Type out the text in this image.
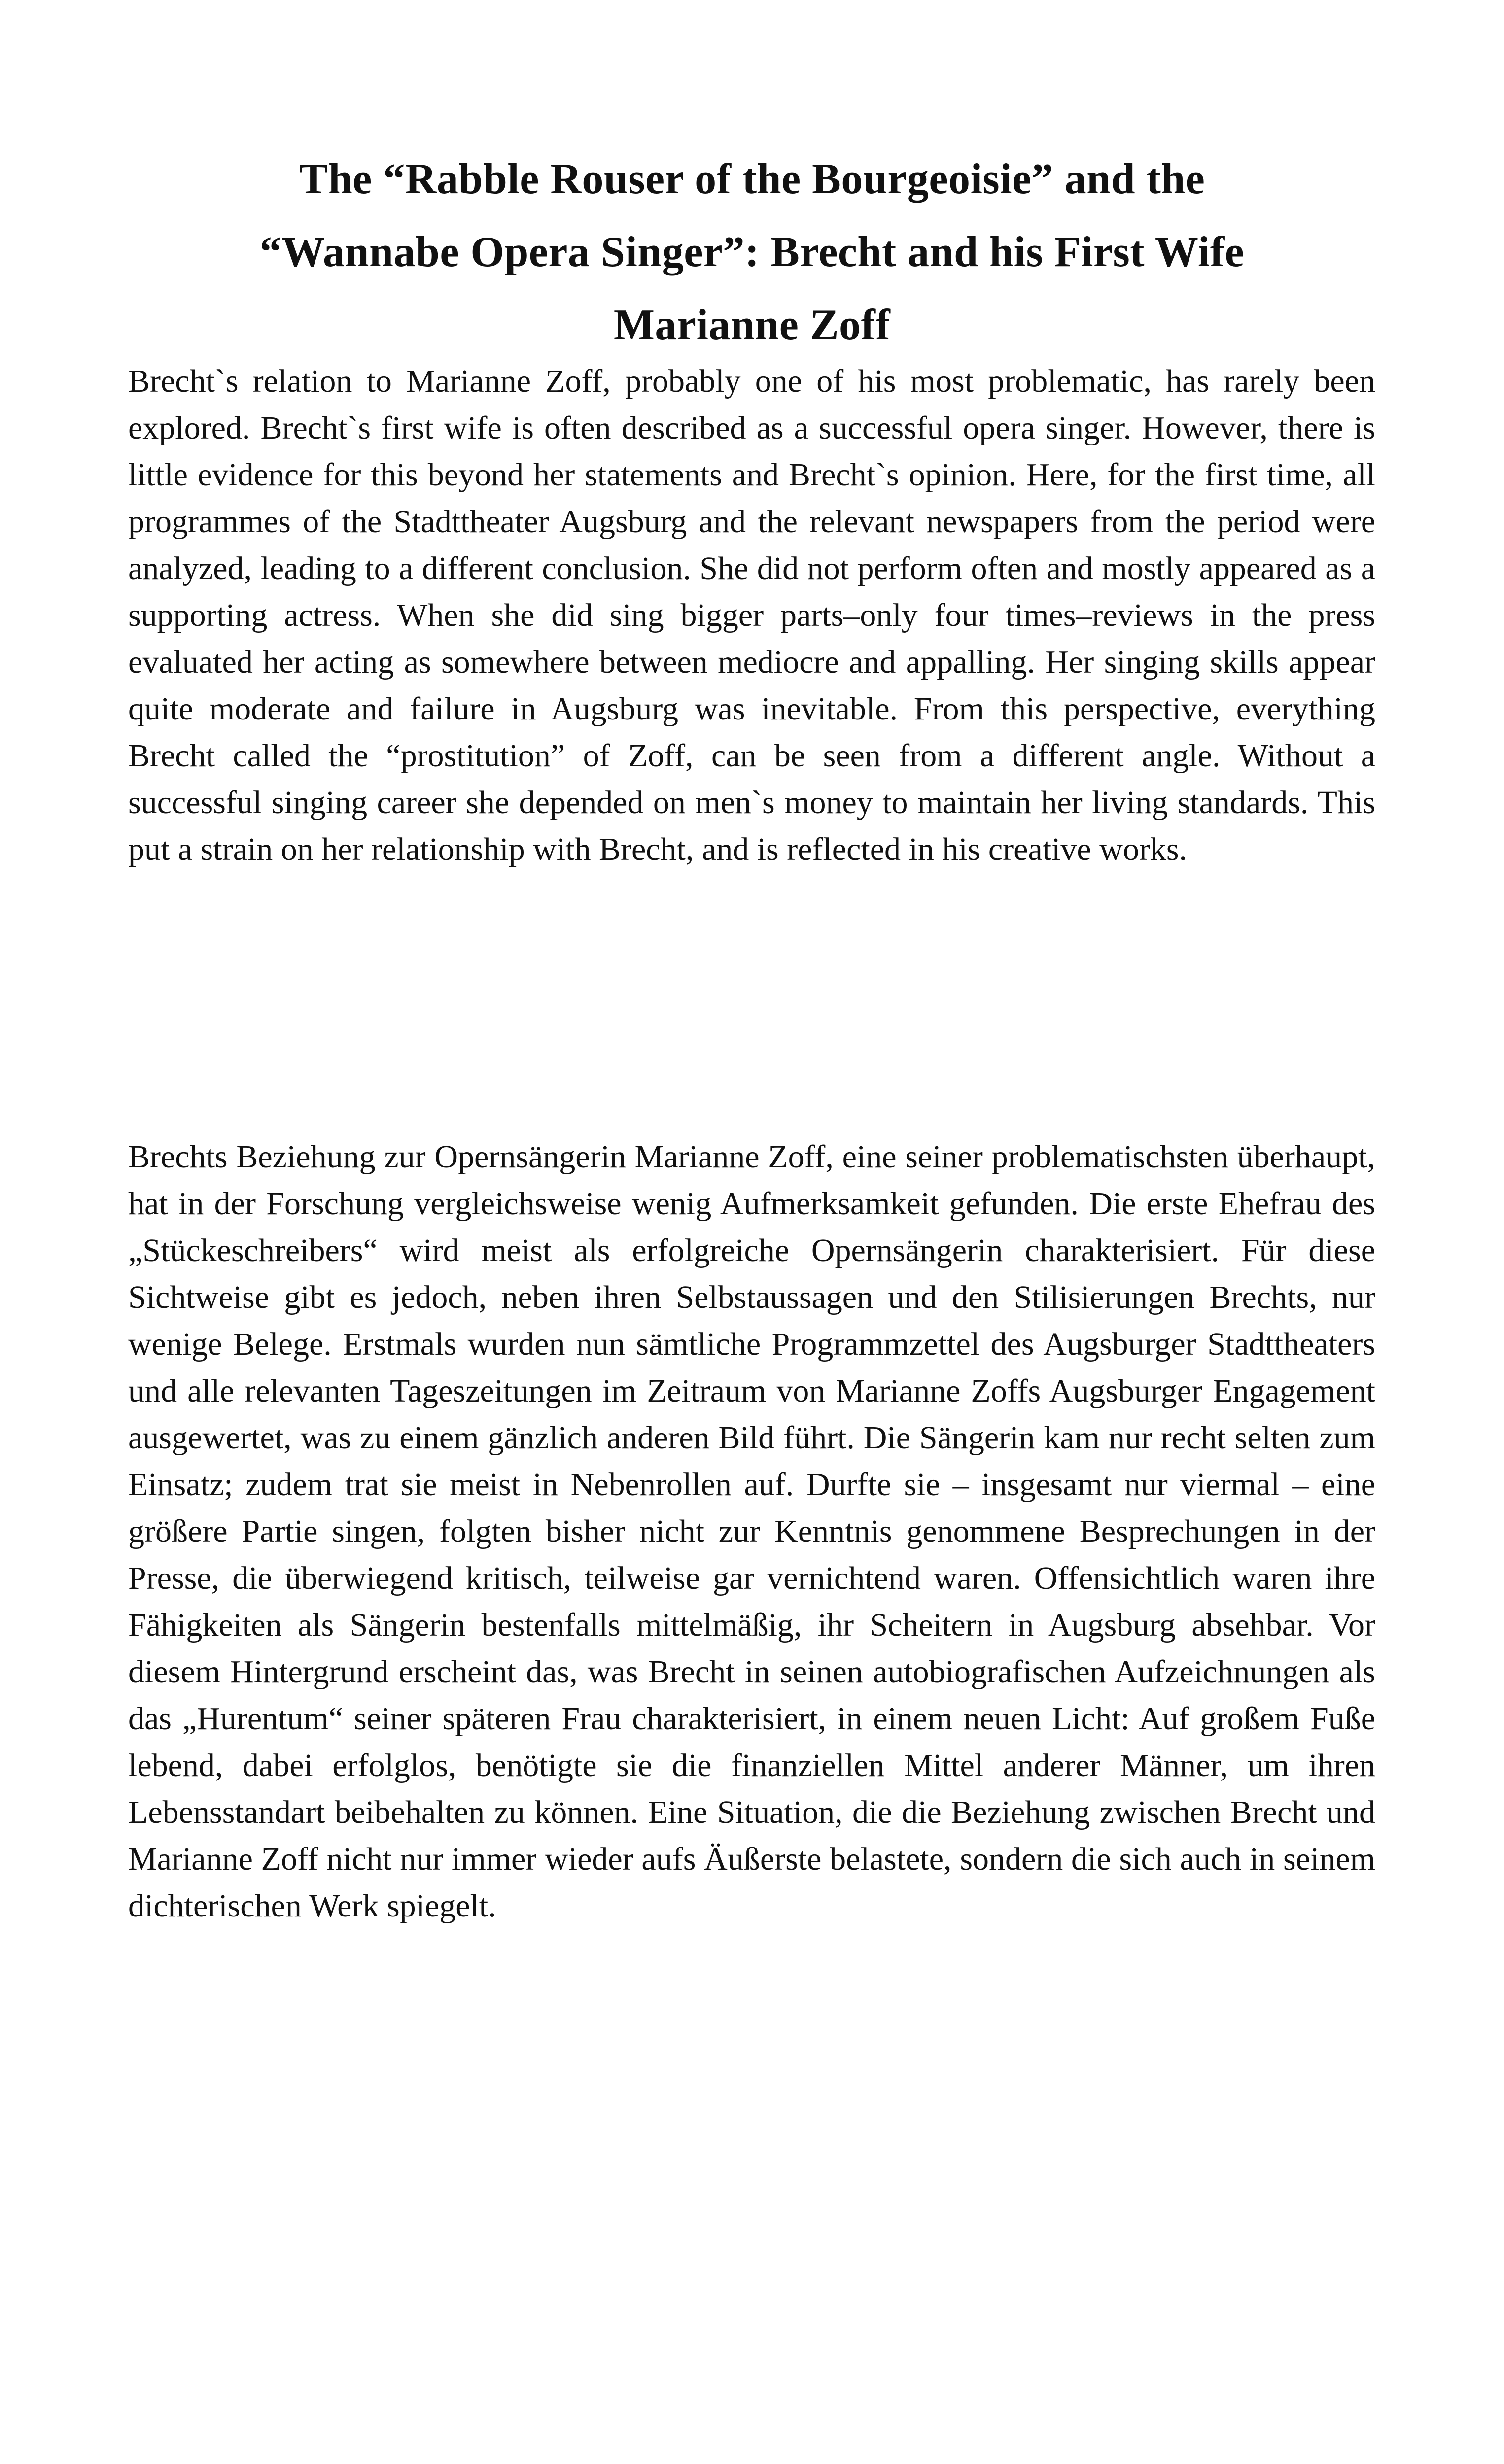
The “Rabble Rouser of the Bourgeoisie” and the
“Wannabe Opera Singer”: Brecht and his First Wife
Marianne Zoff

Brecht`s relation to Marianne Zoff, probably one of his most problematic, has rarely been explored. Brecht`s first wife is often described as a successful opera singer. However, there is little evidence for this beyond her statements and Brecht`s opinion. Here, for the first time, all programmes of the Stadttheater Augsburg and the relevant newspapers from the period were analyzed, leading to a different conclusion. She did not perform often and mostly appeared as a supporting actress. When she did sing bigger parts–only four times–reviews in the press evaluated her acting as somewhere between mediocre and appalling. Her singing skills appear quite moderate and failure in Augsburg was inevitable. From this perspective, everything Brecht called the “prostitution” of Zoff, can be seen from a different angle. Without a successful singing career she depended on men`s money to maintain her living standards. This put a strain on her relationship with Brecht, and is reflected in his creative works.

Brechts Beziehung zur Opernsängerin Marianne Zoff, eine seiner problematischsten überhaupt, hat in der Forschung vergleichsweise wenig Aufmerksamkeit gefunden. Die erste Ehefrau des „Stückeschreibers“ wird meist als erfolgreiche Opernsängerin charakterisiert. Für diese Sichtweise gibt es jedoch, neben ihren Selbstaussagen und den Stilisierungen Brechts, nur wenige Belege. Erstmals wurden nun sämtliche Programmzettel des Augsburger Stadttheaters und alle relevanten Tageszeitungen im Zeitraum von Marianne Zoffs Augsburger Engagement ausgewertet, was zu einem gänzlich anderen Bild führt. Die Sängerin kam nur recht selten zum Einsatz; zudem trat sie meist in Nebenrollen auf. Durfte sie – insgesamt nur viermal – eine größere Partie singen, folgten bisher nicht zur Kenntnis genommene Besprechungen in der Presse, die überwiegend kritisch, teilweise gar vernichtend waren. Offensichtlich waren ihre Fähigkeiten als Sängerin bestenfalls mittelmäßig, ihr Scheitern in Augsburg absehbar. Vor diesem Hintergrund erscheint das, was Brecht in seinen autobiografischen Aufzeichnungen als das „Hurentum“ seiner späteren Frau charakterisiert, in einem neuen Licht: Auf großem Fuße lebend, dabei erfolglos, benötigte sie die finanziellen Mittel anderer Männer, um ihren Lebensstandart beibehalten zu können. Eine Situation, die die Beziehung zwischen Brecht und Marianne Zoff nicht nur immer wieder aufs Äußerste belastete, sondern die sich auch in seinem dichterischen Werk spiegelt.
